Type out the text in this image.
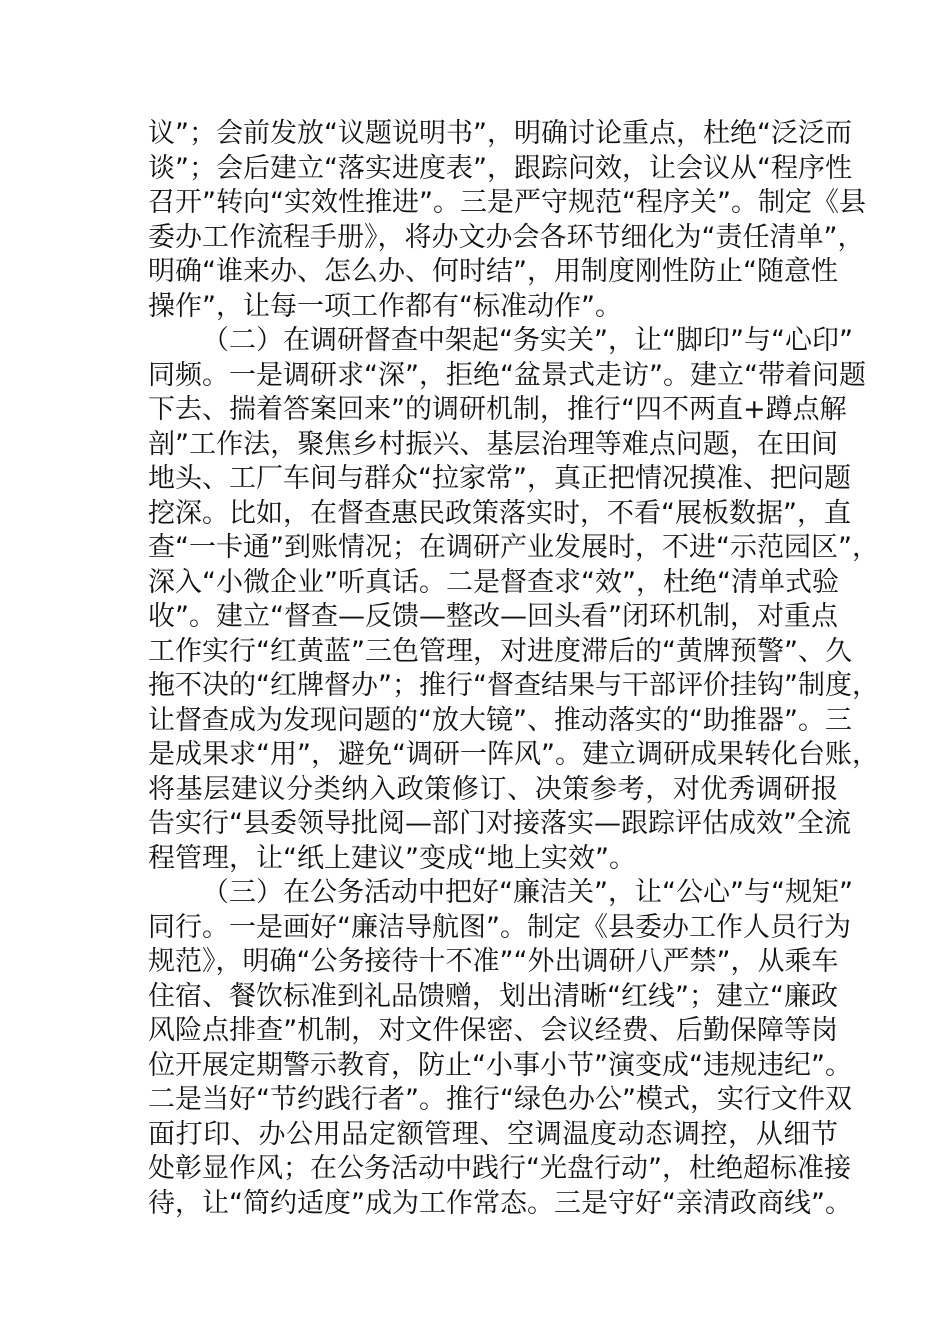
议”；会前发放“议题说明书”，明确讨论重点，杜绝“泛泛而
谈”；会后建立“落实进度表”，跟踪问效，让会议从“程序性
召开”转向“实效性推进”。三是严守规范“程序关”。制定《县
委办工作流程手册》，将办文办会各环节细化为“责任清单”，
明确“谁来办、怎么办、何时结”，用制度刚性防止“随意性
操作”，让每一项工作都有“标准动作”。
（二）在调研督查中架起“务实关”，让“脚印”与“心印”
同频。一是调研求“深”，拒绝“盆景式走访”。建立“带着问题
下去、揣着答案回来”的调研机制，推行“四不两直+蹲点解
剖”工作法，聚焦乡村振兴、基层治理等难点问题，在田间
地头、工厂车间与群众“拉家常”，真正把情况摸准、把问题
挖深。比如，在督查惠民政策落实时，不看“展板数据”，直
查“一卡通”到账情况；在调研产业发展时，不进“示范园区”，
深入“小微企业”听真话。二是督查求“效”，杜绝“清单式验
收”。建立“督查—反馈—整改—回头看”闭环机制，对重点
工作实行“红黄蓝”三色管理，对进度滞后的“黄牌预警”、久
拖不决的“红牌督办”；推行“督查结果与干部评价挂钩”制度，
让督查成为发现问题的“放大镜”、推动落实的“助推器”。三
是成果求“用”，避免“调研一阵风”。建立调研成果转化台账，
将基层建议分类纳入政策修订、决策参考，对优秀调研报
告实行“县委领导批阅—部门对接落实—跟踪评估成效”全流
程管理，让“纸上建议”变成“地上实效”。
（三）在公务活动中把好“廉洁关”，让“公心”与“规矩”
同行。一是画好“廉洁导航图”。制定《县委办工作人员行为
规范》，明确“公务接待十不准”“外出调研八严禁”，从乘车
住宿、餐饮标准到礼品馈赠，划出清晰“红线”；建立“廉政
风险点排查”机制，对文件保密、会议经费、后勤保障等岗
位开展定期警示教育，防止“小事小节”演变成“违规违纪”。
二是当好“节约践行者”。推行“绿色办公”模式，实行文件双
面打印、办公用品定额管理、空调温度动态调控，从细节
处彰显作风；在公务活动中践行“光盘行动”，杜绝超标准接
待，让“简约适度”成为工作常态。三是守好“亲清政商线”。
